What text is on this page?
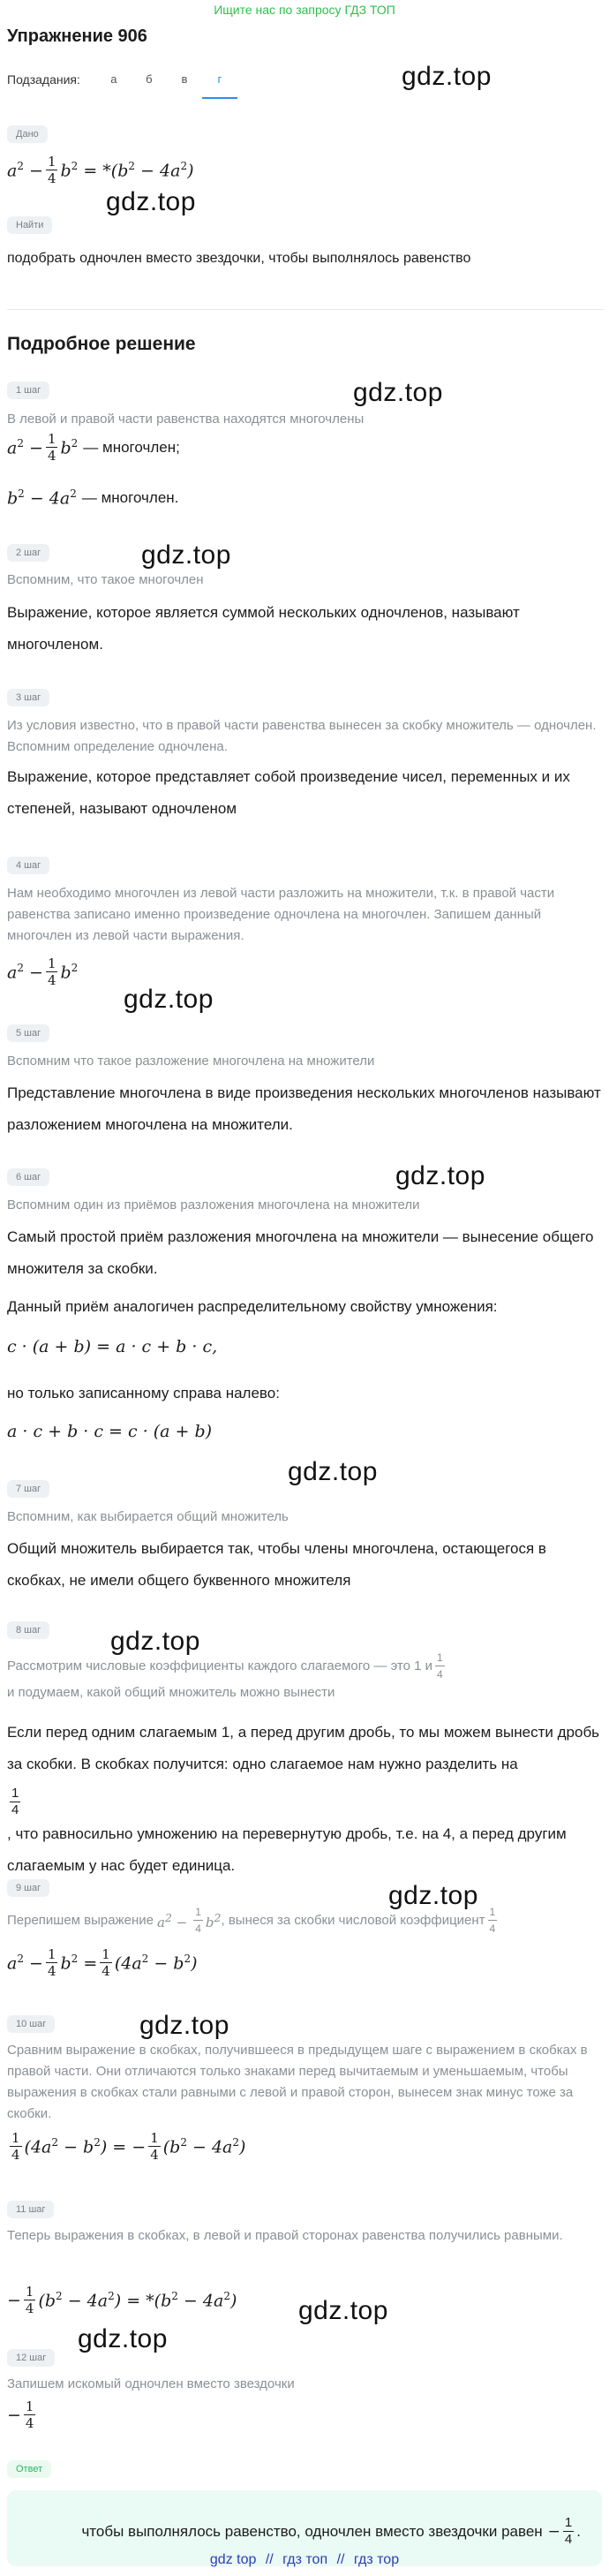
Ищите нас по запросу ГДЗ ТОП
Упражнение 906
Подзадания:	а	б	в	г	gdz.top
gdz.top
gdz.top
gdz.top
gdz.top
gdz.top
gdz.top
gdz.top
gdz.top
gdz.top
gdz.top
gdz.top
Дано
$a^2 - \frac{1}{4} b^2 = *(b^2 - 4a^2)$
Найти
подобрать одночлен вместо звездочки, чтобы выполнялось равенство
Подробное решение
1 шаг
В левой и правой части равенства находятся многочлены
$a^2 - \frac{1}{4} b^2$ — многочлен;
$b^2 - 4a^2$ — многочлен.
2 шаг
Вспомним, что такое многочлен
Выражение, которое является суммой нескольких одночленов, называют многочленом.
3 шаг
Из условия известно, что в правой части равенства вынесен за скобку множитель — одночлен. Вспомним определение одночлена.
Выражение, которое представляет собой произведение чисел, переменных и их степеней, называют одночленом
4 шаг
Нам необходимо многочлен из левой части разложить на множители, т.к. в правой части равенства записано именно произведение одночлена на многочлен. Запишем данный многочлен из левой части выражения.
$a^2 - \frac{1}{4} b^2$
5 шаг
Вспомним что такое разложение многочлена на множители
Представление многочлена в виде произведения нескольких многочленов называют разложением многочлена на множители.
6 шаг
Вспомним один из приёмов разложения многочлена на множители
Самый простой приём разложения многочлена на множители — вынесение общего множителя за скобки.
Данный приём аналогичен распределительному свойству умножения:
c · (a + b) = a · c + b · c,
но только записанному справа налево:
a · c + b · c = c · (a + b)
7 шаг
Вспомним, как выбирается общий множитель
Общий множитель выбирается так, чтобы члены многочлена, остающегося в скобках, не имели общего буквенного множителя
8 шаг
Рассмотрим числовые коэффициенты каждого слагаемого — это 1 и $\frac{1}{4}$
и подумаем, какой общий множитель можно вынести
Если перед одним слагаемым 1, а перед другим дробь, то мы можем вынести дробь за скобки. В скобках получится: одно слагаемое нам нужно разделить на
$\frac{1}{4}$
, что равносильно умножению на перевернутую дробь, т.е. на 4, а перед другим слагаемым у нас будет единица.
9 шаг
Перепишем выражение $a^2 - \frac{1}{4} b^2$ , вынеся за скобки числовой коэффициент $\frac{1}{4}$
$a^2 - \frac{1}{4} b^2 = \frac{1}{4} (4a^2 - b^2)$
10 шаг
Сравним выражение в скобках, получившееся в предыдущем шаге с выражением в скобках в правой части. Они отличаются только знаками перед вычитаемым и уменьшаемым, чтобы выражения в скобках стали равными с левой и правой сторон, вынесем знак минус тоже за скобки.
$\frac{1}{4} (4a^2 - b^2)$ = − $\frac{1}{4} (b^2 - 4a^2)$
11 шаг
Теперь выражения в скобках, в левой и правой сторонах равенства получились равными.
− $\frac{1}{4} (b^2 - 4a^2) = *(b^2 - 4a^2)$
12 шаг
Запишем искомый одночлен вместо звездочки
− $\frac{1}{4}$
Ответ
чтобы выполнялось равенство, одночлен вместо звездочки равен − $\frac{1}{4}$ .
gdz top // гдз топ // гдз тор
